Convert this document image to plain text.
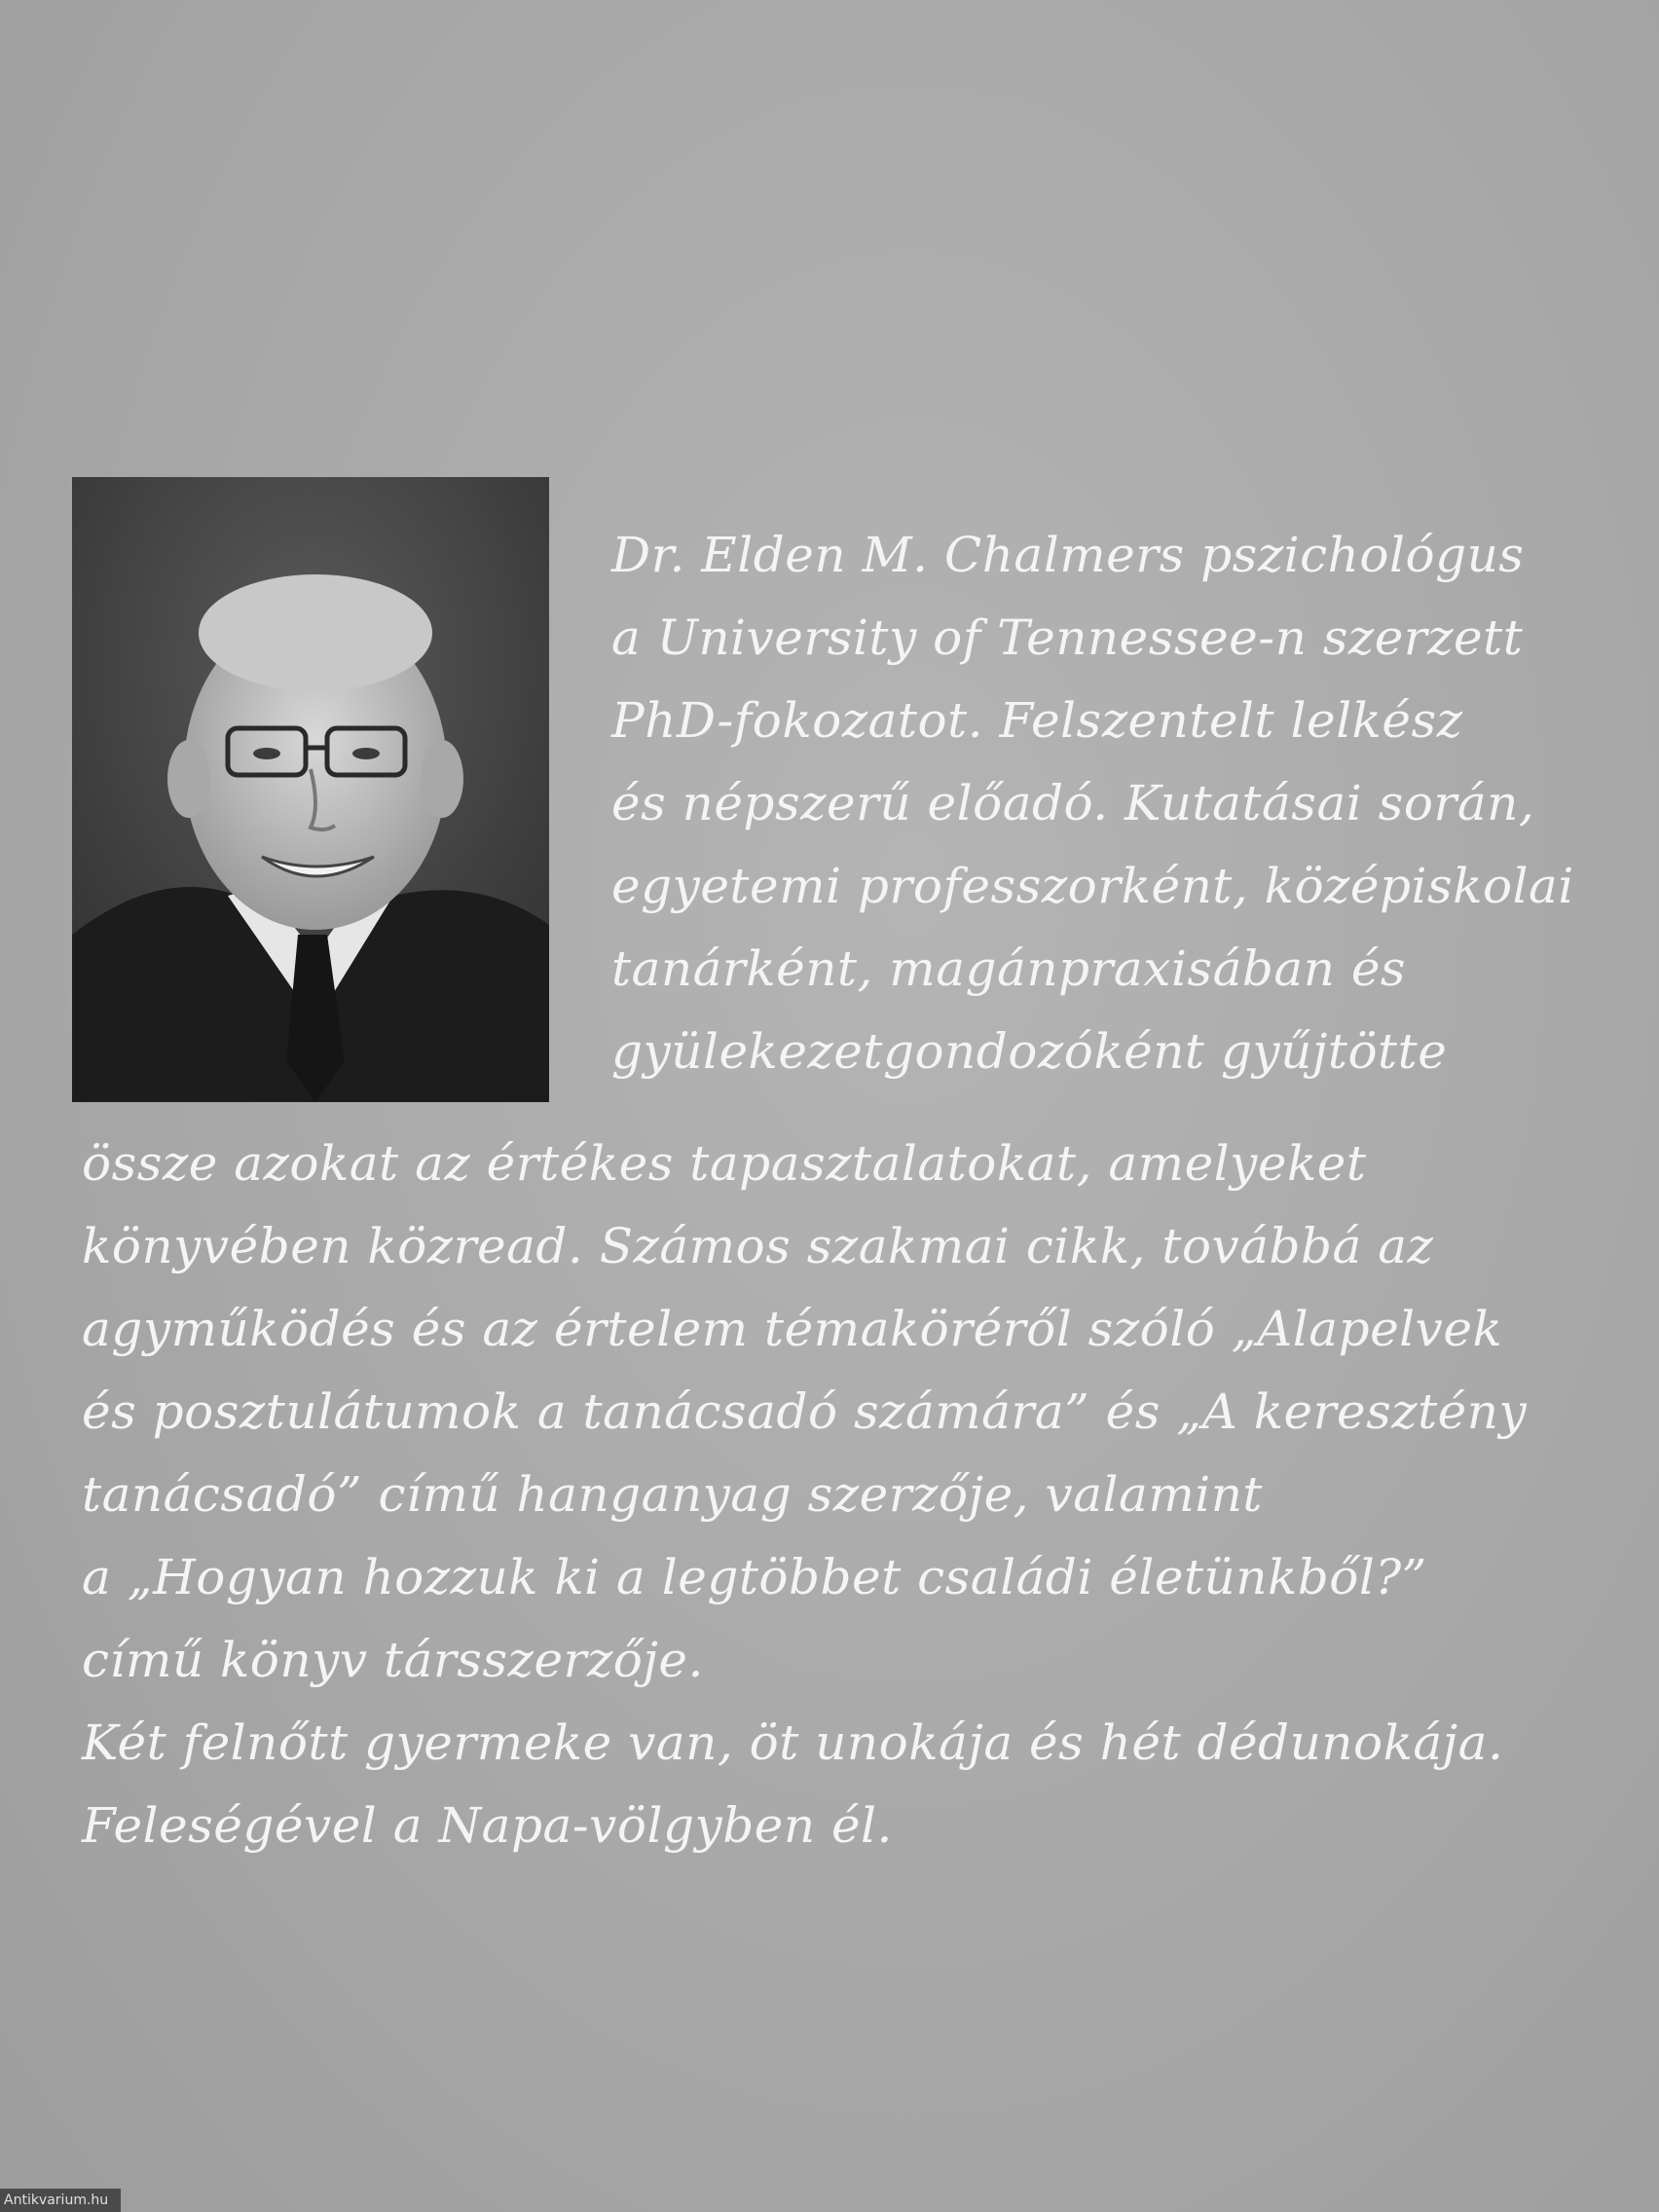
Dr. Elden M. Chalmers pszichológus
a University of Tennessee-n szerzett
PhD-fokozatot. Felszentelt lelkész
és népszerű előadó. Kutatásai során,
egyetemi professzorként, középiskolai
tanárként, magánpraxisában és
gyülekezetgondozóként gyűjtötte
össze azokat az értékes tapasztalatokat, amelyeket
könyvében közread. Számos szakmai cikk, továbbá az
agyműködés és az értelem témaköréről szóló „Alapelvek
és posztulátumok a tanácsadó számára” és „A keresztény
tanácsadó” című hanganyag szerzője, valamint
a „Hogyan hozzuk ki a legtöbbet családi életünkből?”
című könyv társszerzője.
Két felnőtt gyermeke van, öt unokája és hét dédunokája.
Feleségével a Napa-völgyben él.
Antikvarium.hu
